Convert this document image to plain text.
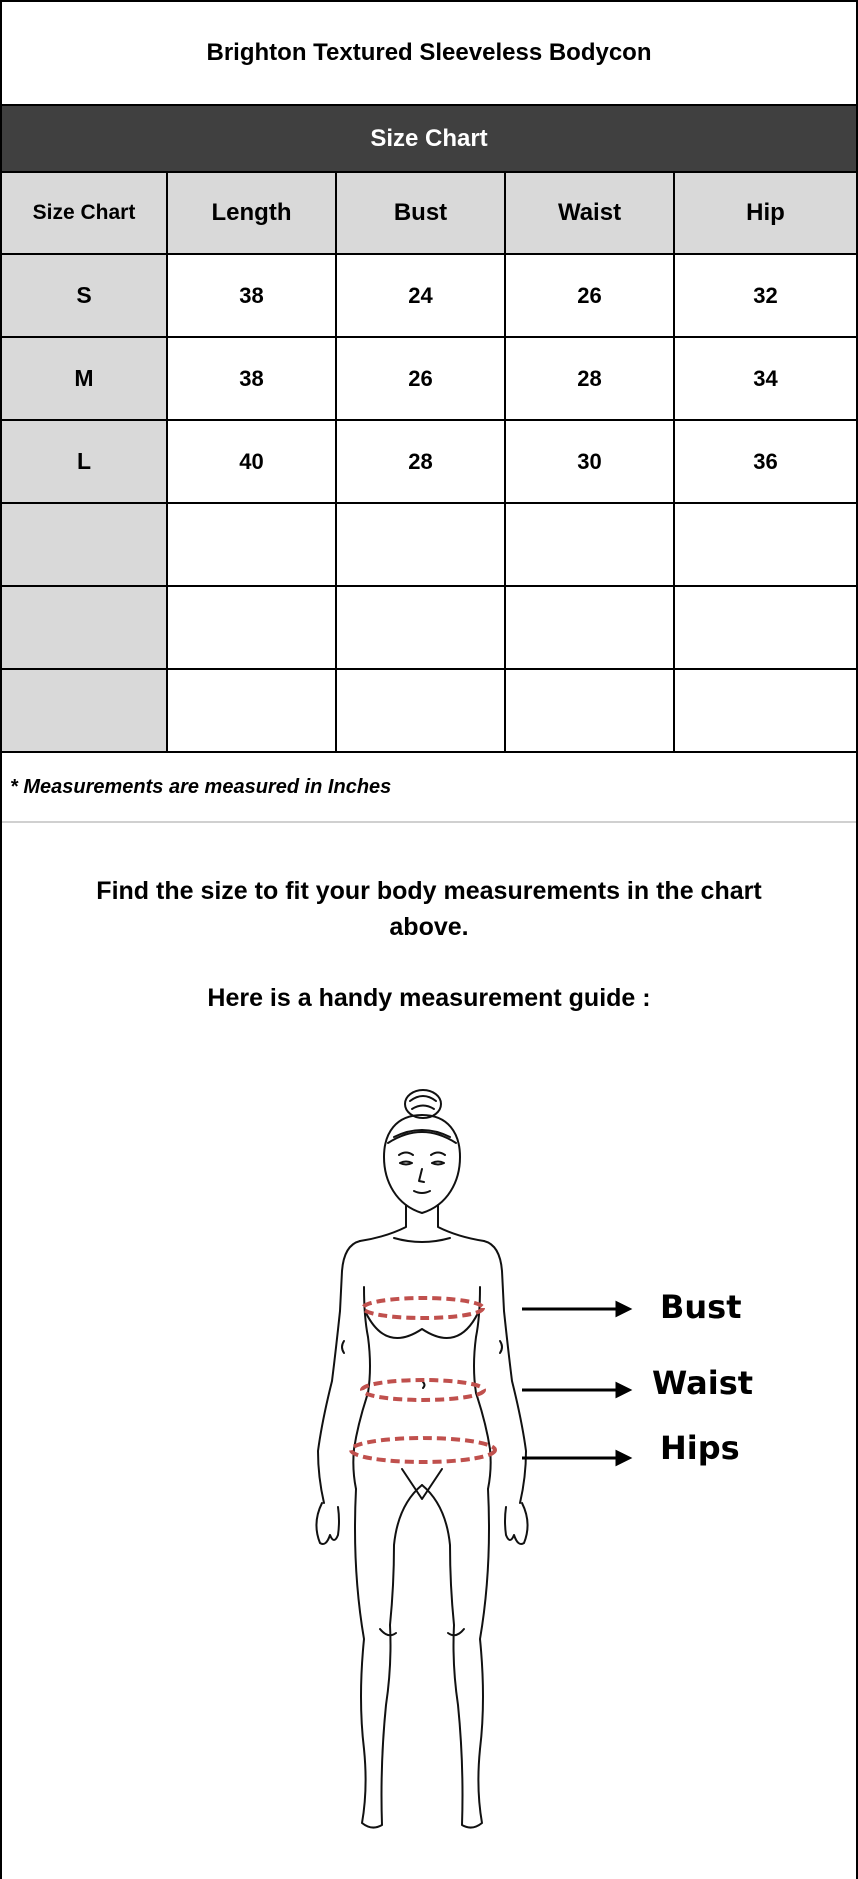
Brighton Textured Sleeveless Bodycon
Size Chart
Size Chart	Length	Bust	Waist	Hip
S	38	24	26	32
M	38	26	28	34
L	40	28	30	36

* Measurements are measured in Inches
Find the size to fit your body measurements in the chart above.
Here is a handy measurement guide :
Bust
Waist
Hips
